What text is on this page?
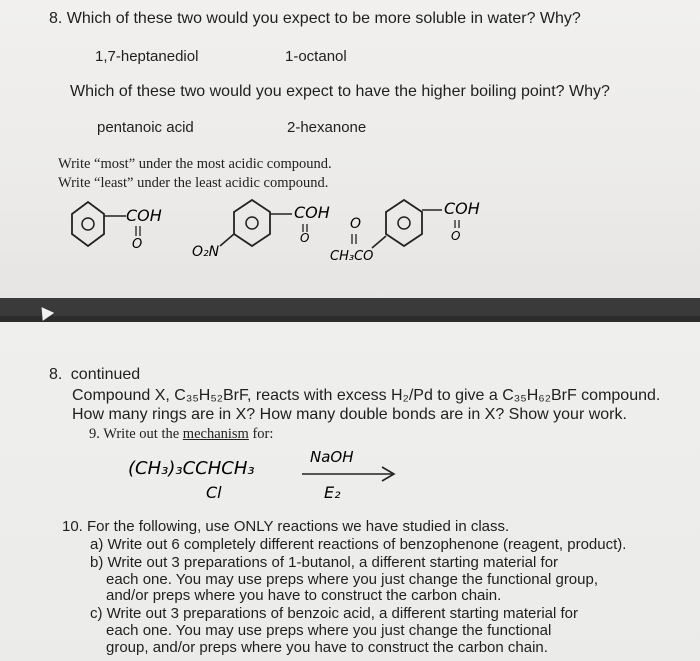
8. Which of these two would you expect to be more soluble in water? Why?
1,7-heptanediol	1-octanol
Which of these two would you expect to have the higher boiling point? Why?
pentanoic acid	2-hexanone
Write “most” under the most acidic compound.
Write “least” under the least acidic compound.
COH
O	O₂N
COH
O
O
CH₃CO
COH
O
8. continued
Compound X, C₃₅H₅₂BrF, reacts with excess H₂/Pd to give a C₃₅H₆₂BrF compound.
How many rings are in X? How many double bonds are in X? Show your work.
9. Write out the mechanism for:
(CH₃)₃CCHCH₃
Cl
NaOH
E₂
10. For the following, use ONLY reactions we have studied in class.
a) Write out 6 completely different reactions of benzophenone (reagent, product).
b) Write out 3 preparations of 1-butanol, a different starting material for
each one. You may use preps where you just change the functional group,
and/or preps where you have to construct the carbon chain.
c) Write out 3 preparations of benzoic acid, a different starting material for
each one. You may use preps where you just change the functional
group, and/or preps where you have to construct the carbon chain.
